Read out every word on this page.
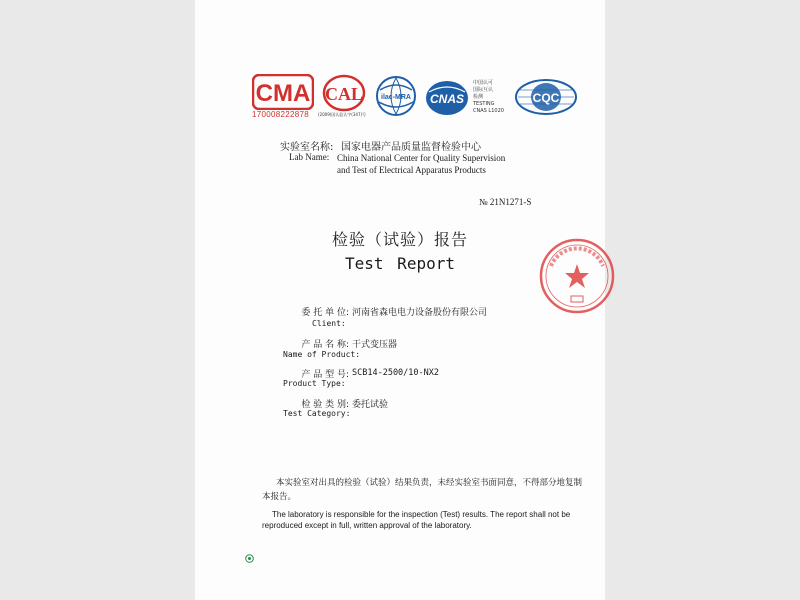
CMA
170008222878
CAL
(2009)国认监认字(347)号
ilac-MRA CNAS
中国认可
国际互认
检测
TESTING
CNAS L1020
CQC
实验室名称: 国家电器产品质量监督检验中心
Lab Name: China National Center for Quality Supervision
and Test of Electrical Apparatus Products
№ 21N1271-S
检验（试验）报告
Test Report
委 托 单 位: 河南省森电电力设备股份有限公司
Client:
产 品 名 称: 干式变压器
Name of Product:
产 品 型 号: SCB14-2500/10-NX2
Product Type:
检 验 类 别: 委托试验
Test Category:
本实验室对出具的检验（试验）结果负责，未经实验室书面同意，不得部分地复制本报告。
The laboratory is responsible for the inspection (Test) results. The report shall not be reproduced except in full, written approval of the laboratory.
